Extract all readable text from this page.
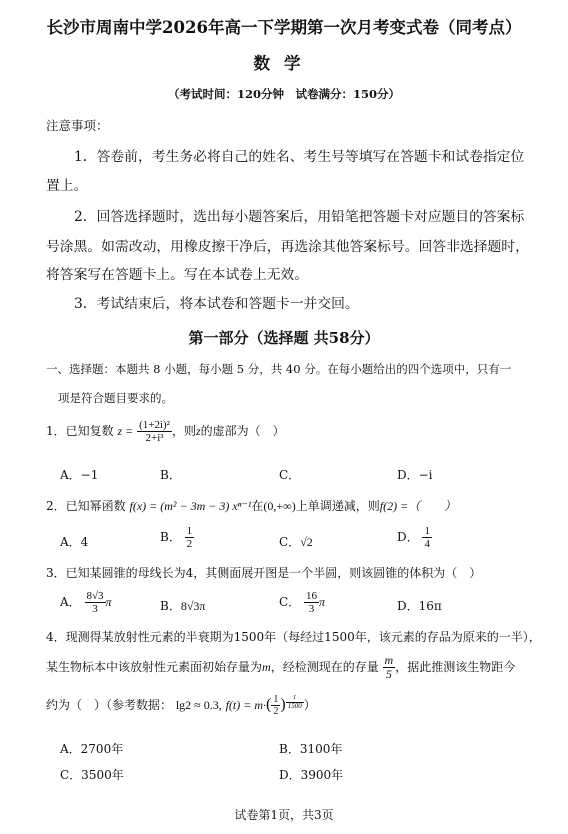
长沙市周南中学2026年高一下学期第一次月考变式卷（同考点）
数学
（考试时间：120分钟　试卷满分：150分）
注意事项：
1．答卷前，考生务必将自己的姓名、考生号等填写在答题卡和试卷指定位
置上。
2．回答选择题时，选出每小题答案后，用铅笔把答题卡对应题目的答案标
号涂黑。如需改动，用橡皮擦干净后，再选涂其他答案标号。回答非选择题时，
将答案写在答题卡上。写在本试卷上无效。
3．考试结束后，将本试卷和答题卡一并交回。
第一部分（选择题 共58分）
一、选择题：本题共 8 小题，每小题 5 分，共 40 分。在每小题给出的四个选项中，只有一
项是符合题目要求的。
1．已知复数 $z = \frac{\text{(1+2i)²}}{\text{2+i³}}$ ，则z的虚部为（　）
A．−1	B．	C．	D．−i
2．已知幂函数 f(x) = (m² − 3m − 3) xⁿ⁻¹在(0,+∞)上单调递减，则f(2) =（　　）
A．4	B． $\frac{1}{2}$	C．√2	D． $\frac{1}{4}$
3．已知某圆锥的母线长为4，其侧面展开图是一个半圆，则该圆锥的体积为（　）
A． $\frac{8√3}{3}$ π	B．8√3π	C． $\frac{16}{3}$ π	D．16π
4．现测得某放射性元素的半衰期为1500年（每经过1500年，该元素的存品为原来的一半），
某生物标本中该放射性元素面初始存量为m，经检测现在的存量 $\frac{m}{5}$ ，据此推测该生物距今
约为（　）（参考数据： lg2 ≈ 0.3, $f(t) = m\cdot( \frac{1}{2}$ ) $\frac{t}{1500}$ ）
A．2700年	B．3100年
C．3500年	D．3900年
试卷第1页，共3页
